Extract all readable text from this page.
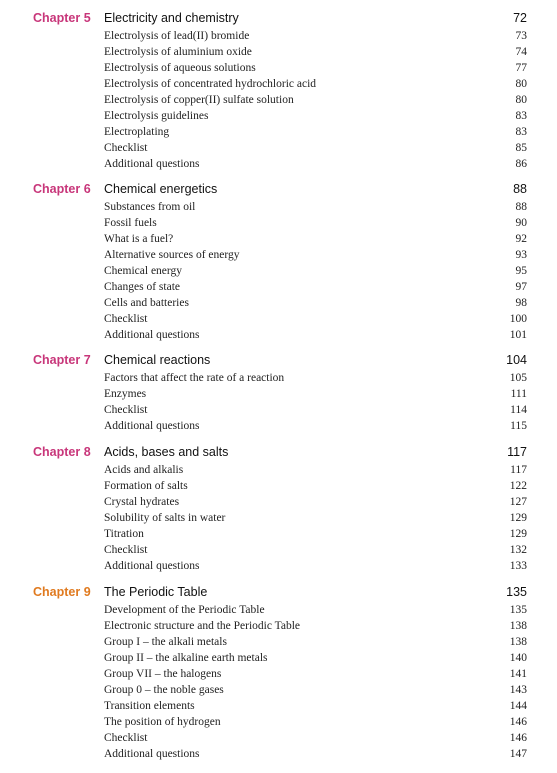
Chapter 5 Electricity and chemistry	72
Electrolysis of lead(II) bromide	73
Electrolysis of aluminium oxide	74
Electrolysis of aqueous solutions	77
Electrolysis of concentrated hydrochloric acid	80
Electrolysis of copper(II) sulfate solution	80
Electrolysis guidelines	83
Electroplating	83
Checklist	85
Additional questions	86
Chapter 6 Chemical energetics	88
Substances from oil	88
Fossil fuels	90
What is a fuel?	92
Alternative sources of energy	93
Chemical energy	95
Changes of state	97
Cells and batteries	98
Checklist	100
Additional questions	101
Chapter 7 Chemical reactions	104
Factors that affect the rate of a reaction	105
Enzymes	111
Checklist	114
Additional questions	115
Chapter 8 Acids, bases and salts	117
Acids and alkalis	117
Formation of salts	122
Crystal hydrates	127
Solubility of salts in water	129
Titration	129
Checklist	132
Additional questions	133
Chapter 9 The Periodic Table	135
Development of the Periodic Table	135
Electronic structure and the Periodic Table	138
Group I – the alkali metals	138
Group II – the alkaline earth metals	140
Group VII – the halogens	141
Group 0 – the noble gases	143
Transition elements	144
The position of hydrogen	146
Checklist	146
Additional questions	147
